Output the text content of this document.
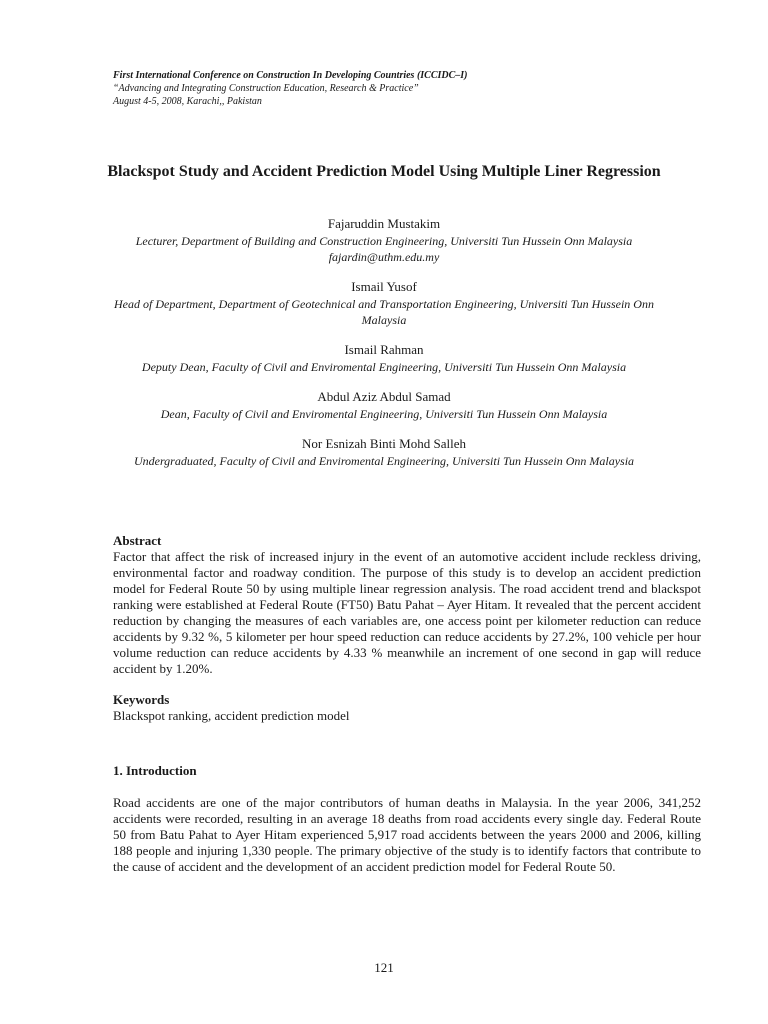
First International Conference on Construction In Developing Countries (ICCIDC–I)
“Advancing and Integrating Construction Education, Research & Practice”
August 4-5, 2008, Karachi,, Pakistan
Blackspot Study and Accident Prediction Model Using Multiple Liner Regression
Fajaruddin Mustakim
Lecturer, Department of Building and Construction Engineering, Universiti Tun Hussein Onn Malaysia
fajardin@uthm.edu.my
Ismail Yusof
Head of Department, Department of Geotechnical and Transportation Engineering, Universiti Tun Hussein Onn Malaysia
Ismail Rahman
Deputy Dean, Faculty of Civil and Enviromental Engineering, Universiti Tun Hussein Onn Malaysia
Abdul Aziz Abdul Samad
Dean, Faculty of Civil and Enviromental Engineering, Universiti Tun Hussein Onn Malaysia
Nor Esnizah Binti Mohd Salleh
Undergraduated, Faculty of Civil and Enviromental Engineering, Universiti Tun Hussein Onn Malaysia
Abstract

Factor that affect the risk of increased injury in the event of an automotive accident include reckless driving, environmental factor and roadway condition. The purpose of this study is to develop an accident prediction model for Federal Route 50 by using multiple linear regression analysis. The road accident trend and blackspot ranking were established at Federal Route (FT50) Batu Pahat – Ayer Hitam. It revealed that the percent accident reduction by changing the measures of each variables are, one access point per kilometer reduction can reduce accidents by 9.32 %, 5 kilometer per hour speed reduction can reduce accidents by 27.2%, 100 vehicle per hour volume reduction can reduce accidents by 4.33 % meanwhile an increment of one second in gap will reduce accident by 1.20%.

Keywords

Blackspot ranking, accident prediction model

1. Introduction

Road accidents are one of the major contributors of human deaths in Malaysia. In the year 2006, 341,252 accidents were recorded, resulting in an average 18 deaths from road accidents every single day. Federal Route 50 from Batu Pahat to Ayer Hitam experienced 5,917 road accidents between the years 2000 and 2006, killing 188 people and injuring 1,330 people. The primary objective of the study is to identify factors that contribute to the cause of accident and the development of an accident prediction model for Federal Route 50.

121
